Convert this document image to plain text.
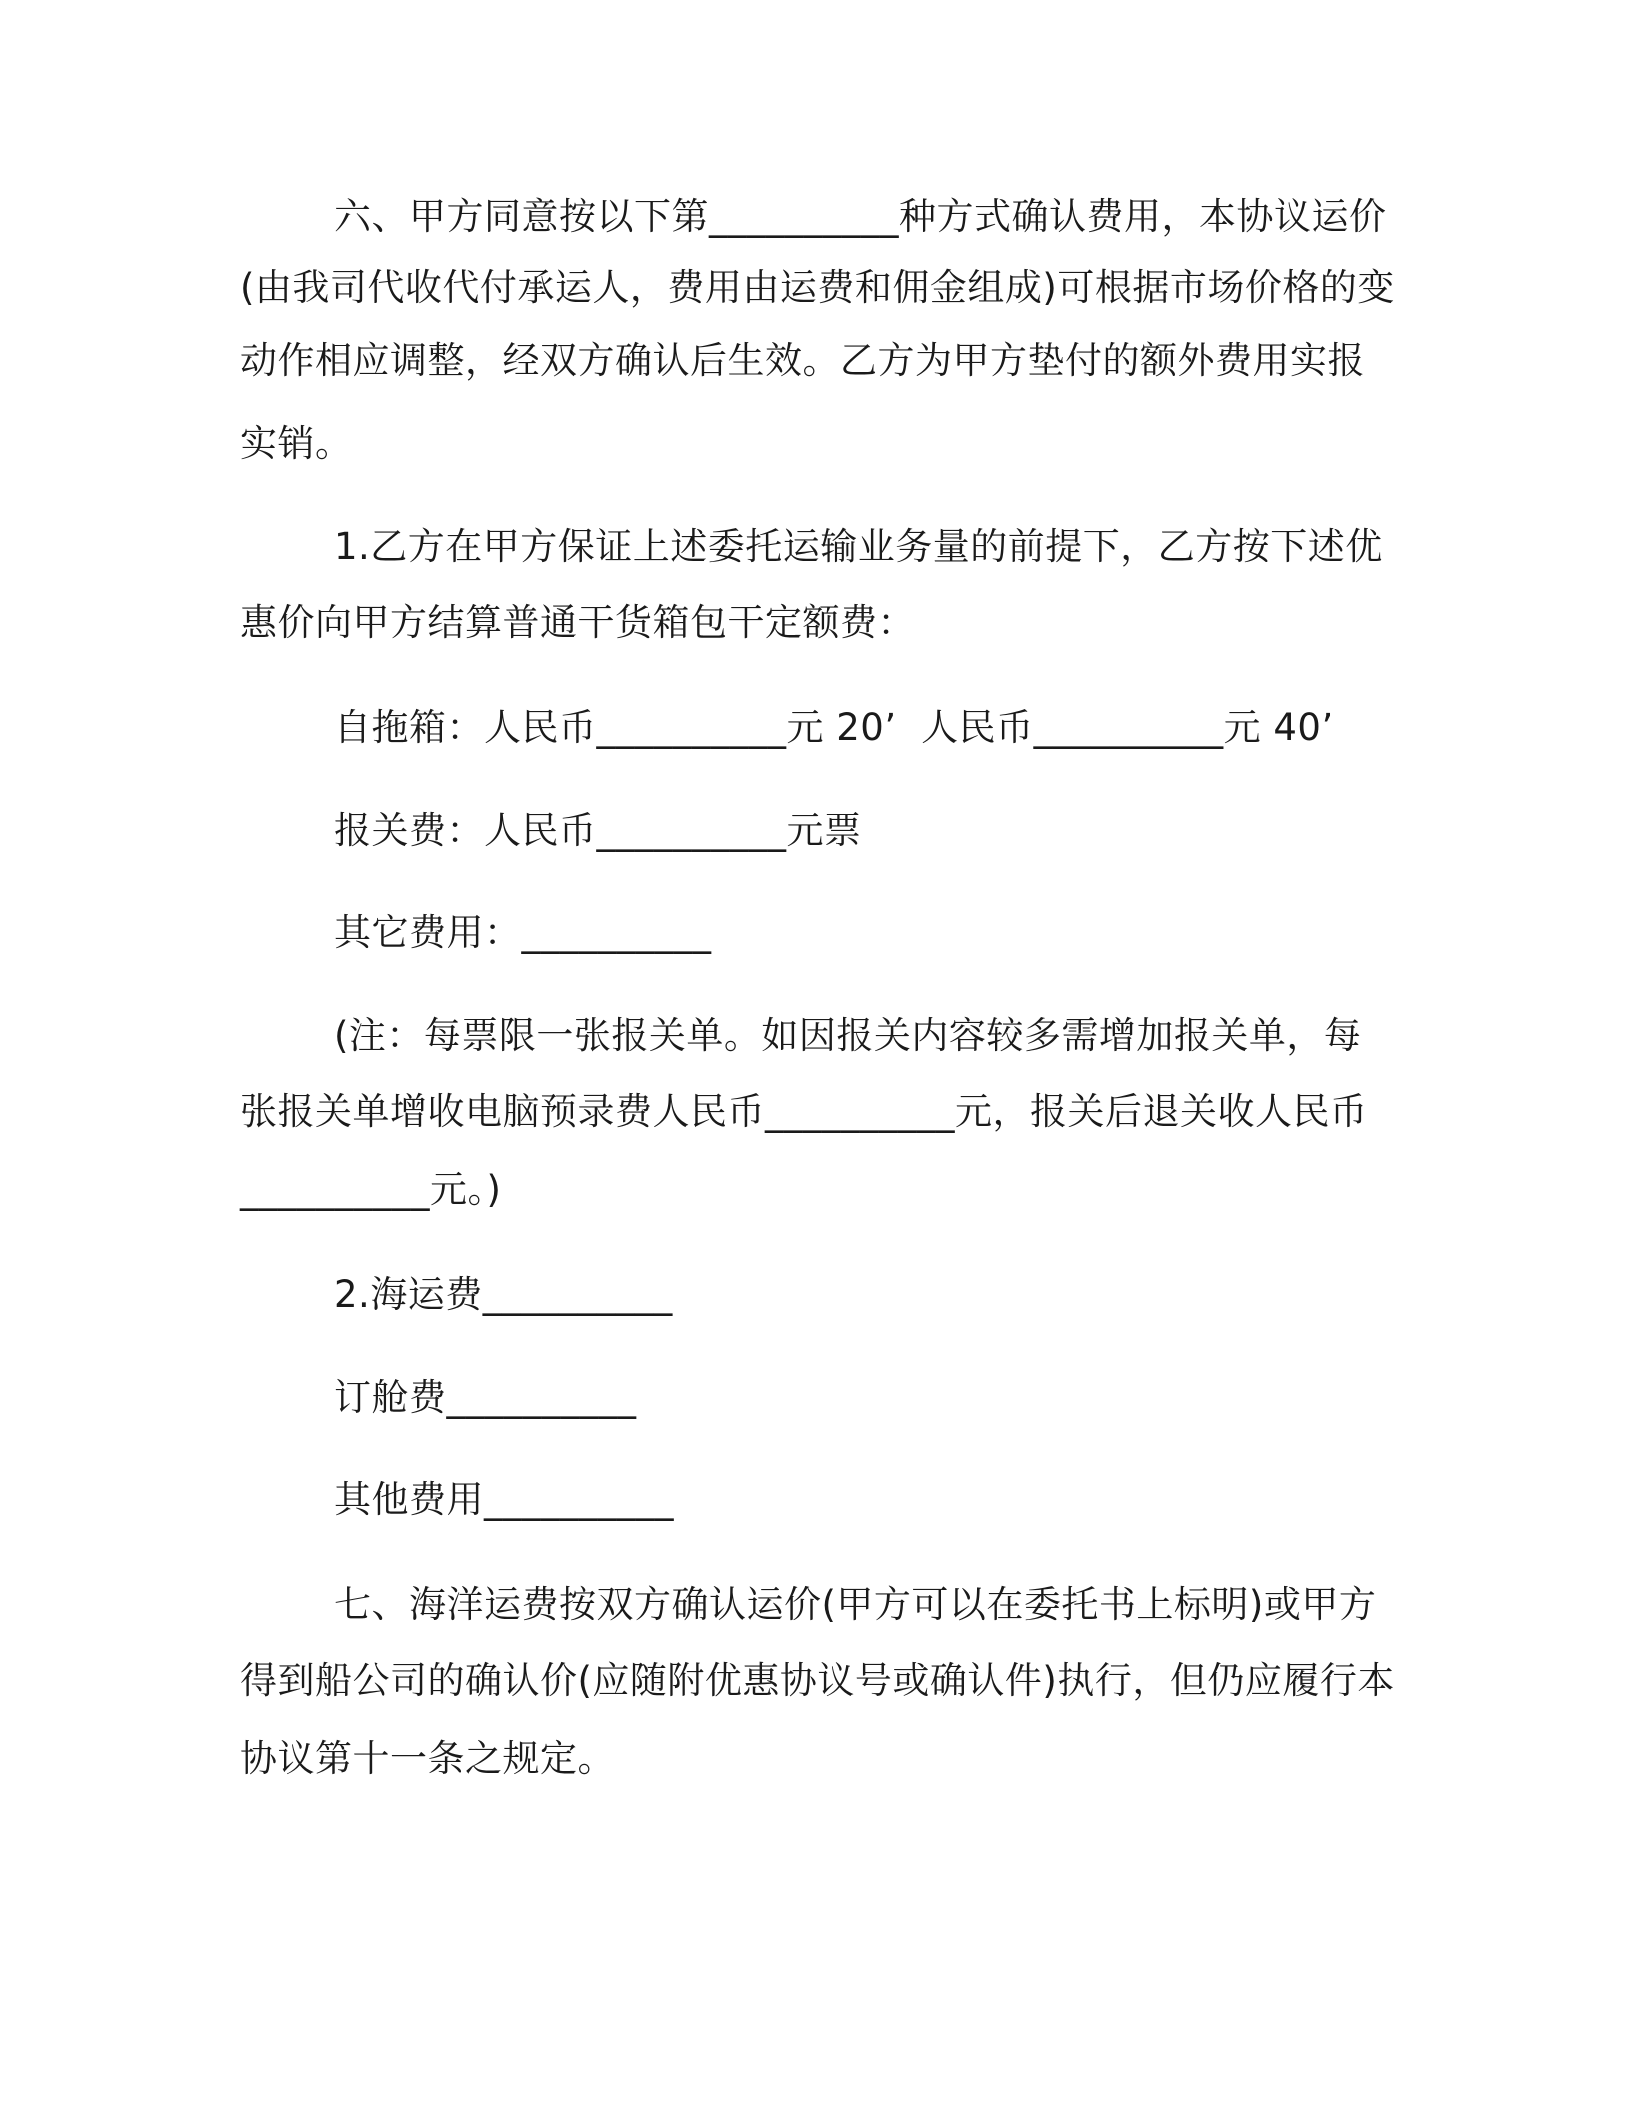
六、甲方同意按以下第__________种方式确认费用，本协议运价
(由我司代收代付承运人，费用由运费和佣金组成)可根据市场价格的变
动作相应调整，经双方确认后生效。乙方为甲方垫付的额外费用实报
实销。
1.乙方在甲方保证上述委托运输业务量的前提下，乙方按下述优
惠价向甲方结算普通干货箱包干定额费：
自拖箱：人民币__________元 20’  人民币__________元 40’
报关费：人民币__________元票
其它费用：__________
(注：每票限一张报关单。如因报关内容较多需增加报关单，每
张报关单增收电脑预录费人民币__________元，报关后退关收人民币
__________元。)
2.海运费__________
订舱费__________
其他费用__________
七、海洋运费按双方确认运价(甲方可以在委托书上标明)或甲方
得到船公司的确认价(应随附优惠协议号或确认件)执行，但仍应履行本
协议第十一条之规定。
